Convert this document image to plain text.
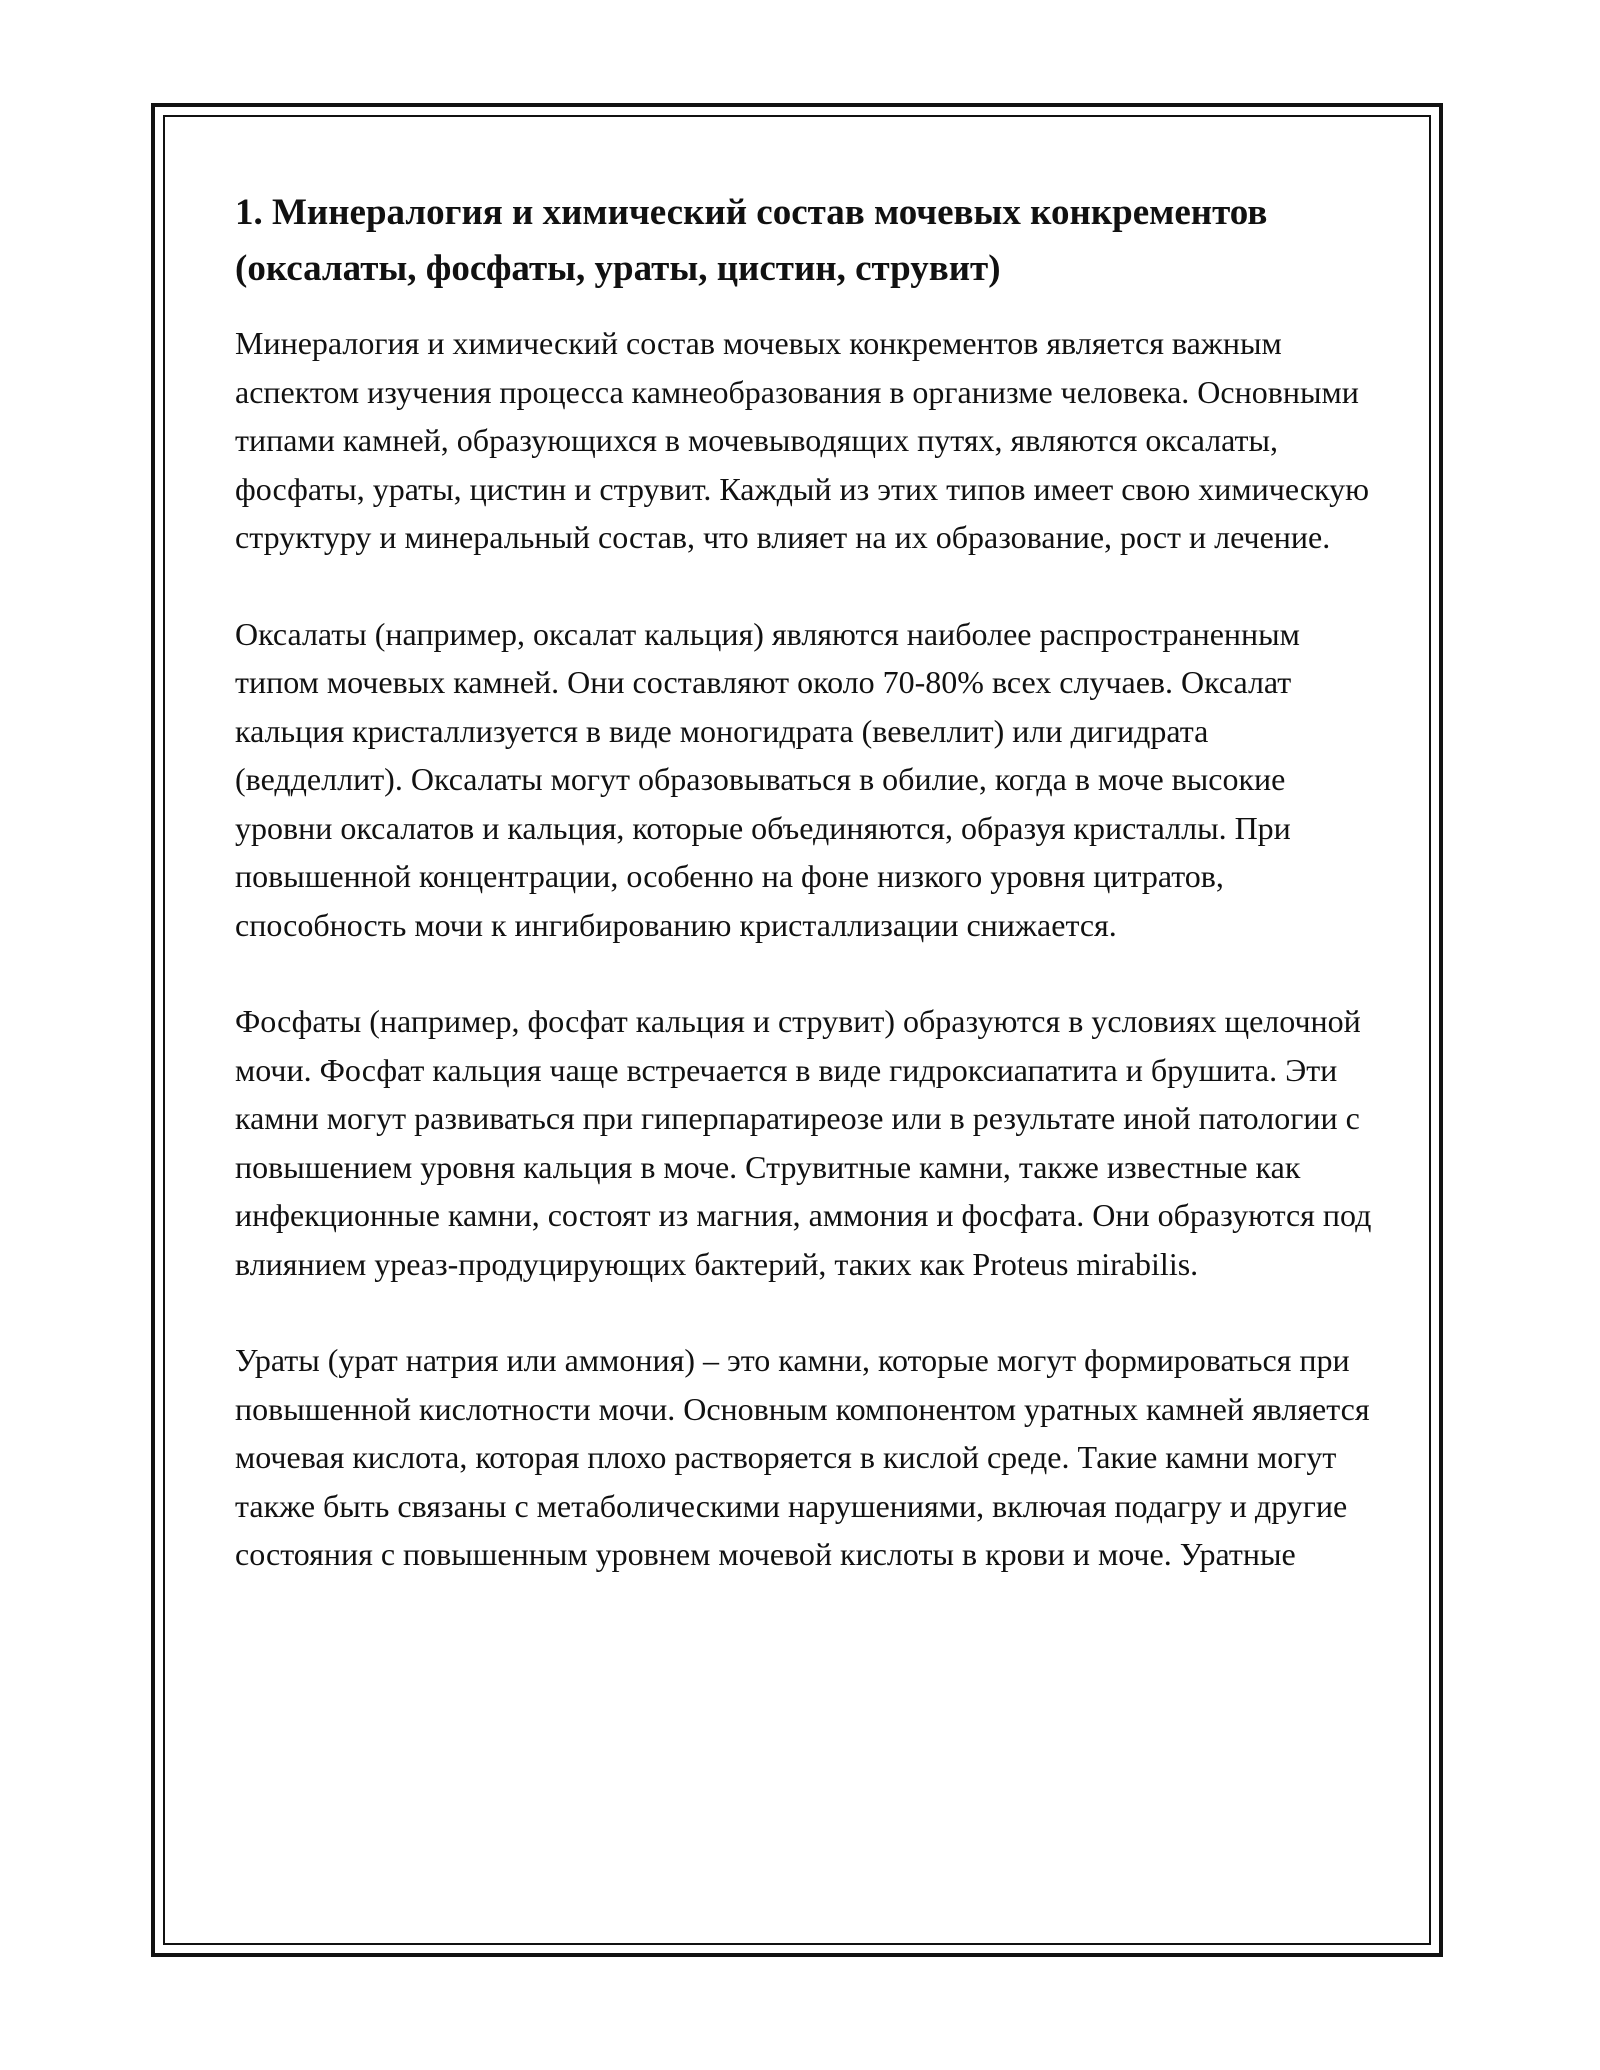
1. Минералогия и химический состав мочевых конкрементов (оксалаты, фосфаты, ураты, цистин, струвит)

Минералогия и химический состав мочевых конкрементов является важным аспектом изучения процесса камнеобразования в организме человека. Основными типами камней, образующихся в мочевыводящих путях, являются оксалаты, фосфаты, ураты, цистин и струвит. Каждый из этих типов имеет свою химическую структуру и минеральный состав, что влияет на их образование, рост и лечение.

Оксалаты (например, оксалат кальция) являются наиболее распространенным типом мочевых камней. Они составляют около 70-80% всех случаев. Оксалат кальция кристаллизуется в виде моногидрата (вевеллит) или дигидрата (ведделлит). Оксалаты могут образовываться в обилие, когда в моче высокие уровни оксалатов и кальция, которые объединяются, образуя кристаллы. При повышенной концентрации, особенно на фоне низкого уровня цитратов, способность мочи к ингибированию кристаллизации снижается.

Фосфаты (например, фосфат кальция и струвит) образуются в условиях щелочной мочи. Фосфат кальция чаще встречается в виде гидроксиапатита и брушита. Эти камни могут развиваться при гиперпаратиреозе или в результате иной патологии с повышением уровня кальция в моче. Струвитные камни, также известные как инфекционные камни, состоят из магния, аммония и фосфата. Они образуются под влиянием уреаз-продуцирующих бактерий, таких как Proteus mirabilis.

Ураты (урат натрия или аммония) – это камни, которые могут формироваться при повышенной кислотности мочи. Основным компонентом уратных камней является мочевая кислота, которая плохо растворяется в кислой среде. Такие камни могут также быть связаны с метаболическими нарушениями, включая подагру и другие состояния с повышенным уровнем мочевой кислоты в крови и моче. Уратные
